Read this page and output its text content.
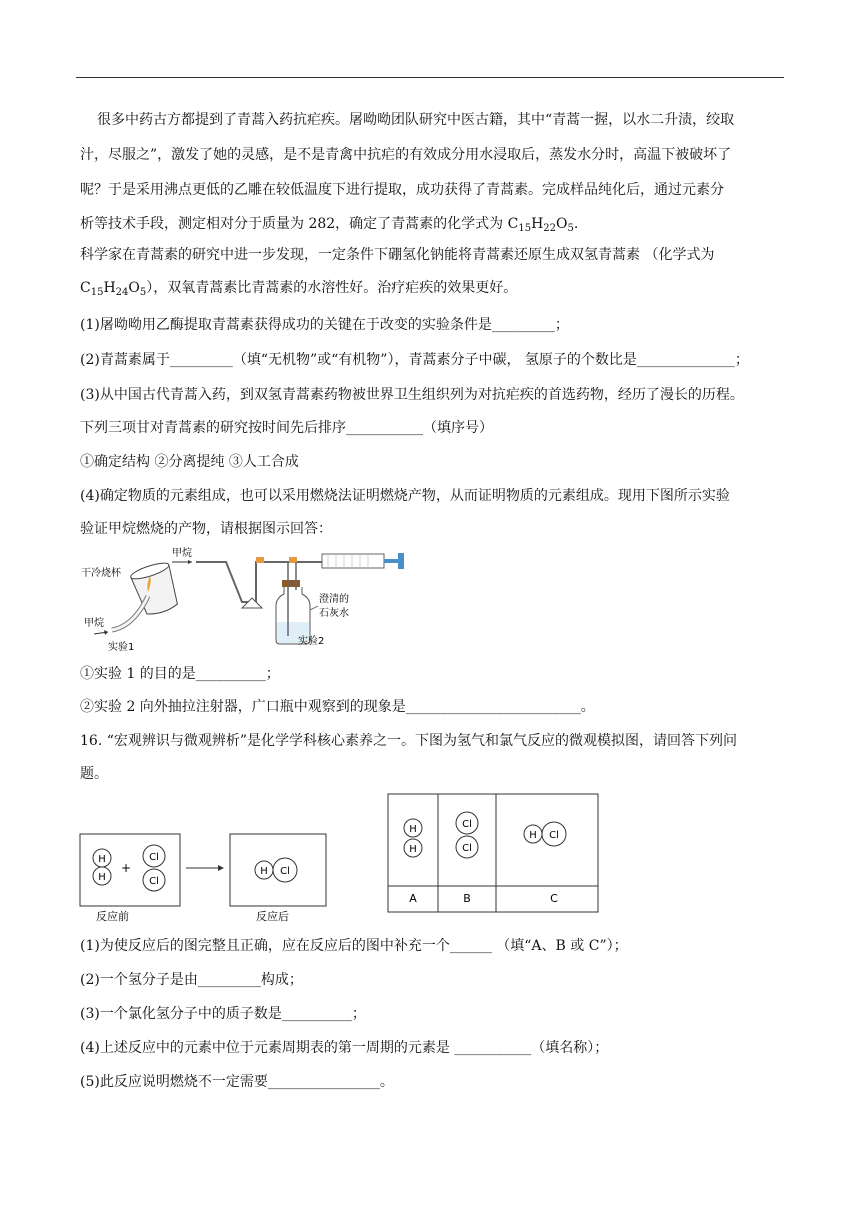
很多中药古方都提到了青蒿入药抗疟疾。屠呦呦团队研究中医古籍，其中“青蒿一握，以水二升渍，绞取
汁，尽服之”，激发了她的灵感，是不是青禽中抗疟的有效成分用水浸取后，蒸发水分时，高温下被破坏了
呢？于是采用沸点更低的乙雕在较低温度下进行提取，成功获得了青蒿素。完成样品纯化后，通过元素分
析等技术手段，测定相对分于质量为 282，确定了青蒿素的化学式为 $C_{15}H_{22}O_5$.
科学家在青蒿素的研究中进一步发现，一定条件下硼氢化钠能将青蒿素还原生成双氢青蒿素 （化学式为
$C_{15}H_{24}O_5$），双氧青蒿素比青蒿素的水溶性好。治疗疟疾的效果更好。
(1)屠呦呦用乙酶提取青蒿素获得成功的关键在于改变的实验条件是_________；
(2)青蒿素属于_________（填“无机物”或“有机物”），青蒿素分子中碳， 氢原子的个数比是______________；
(3)从中国古代青蒿入药，到双氢青蒿素药物被世界卫生组织列为对抗疟疾的首选药物，经历了漫长的历程。
下列三项甘对青蒿素的研究按时间先后排序___________（填序号）
①确定结构 ②分离提纯 ③人工合成
(4)确定物质的元素组成，也可以采用燃烧法证明燃烧产物，从而证明物质的元素组成。现用下图所示实验
验证甲烷燃烧的产物，请根据图示回答：
干冷烧杯
甲烷
实验1
甲烷
澄清的
石灰水
实验2
①实验 1 的目的是__________；
②实验 2 向外抽拉注射器，广口瓶中观察到的现象是_________________________。
16. “宏观辨识与微观辨析”是化学学科核心素养之一。下图为氢气和氯气反应的微观模拟图，请回答下列问
题。
H
H
+
Cl
Cl
反应前
H Cl
反应后
H
H
Cl
Cl
H Cl
A	B	C
(1)为使反应后的图完整且正确，应在反应后的图中补充一个______ （填“A、B 或 C”）；
(2)一个氢分子是由_________构成；
(3)一个氯化氢分子中的质子数是__________；
(4)上述反应中的元素中位于元素周期表的第一周期的元素是 ___________（填名称）；
(5)此反应说明燃烧不一定需要________________。
